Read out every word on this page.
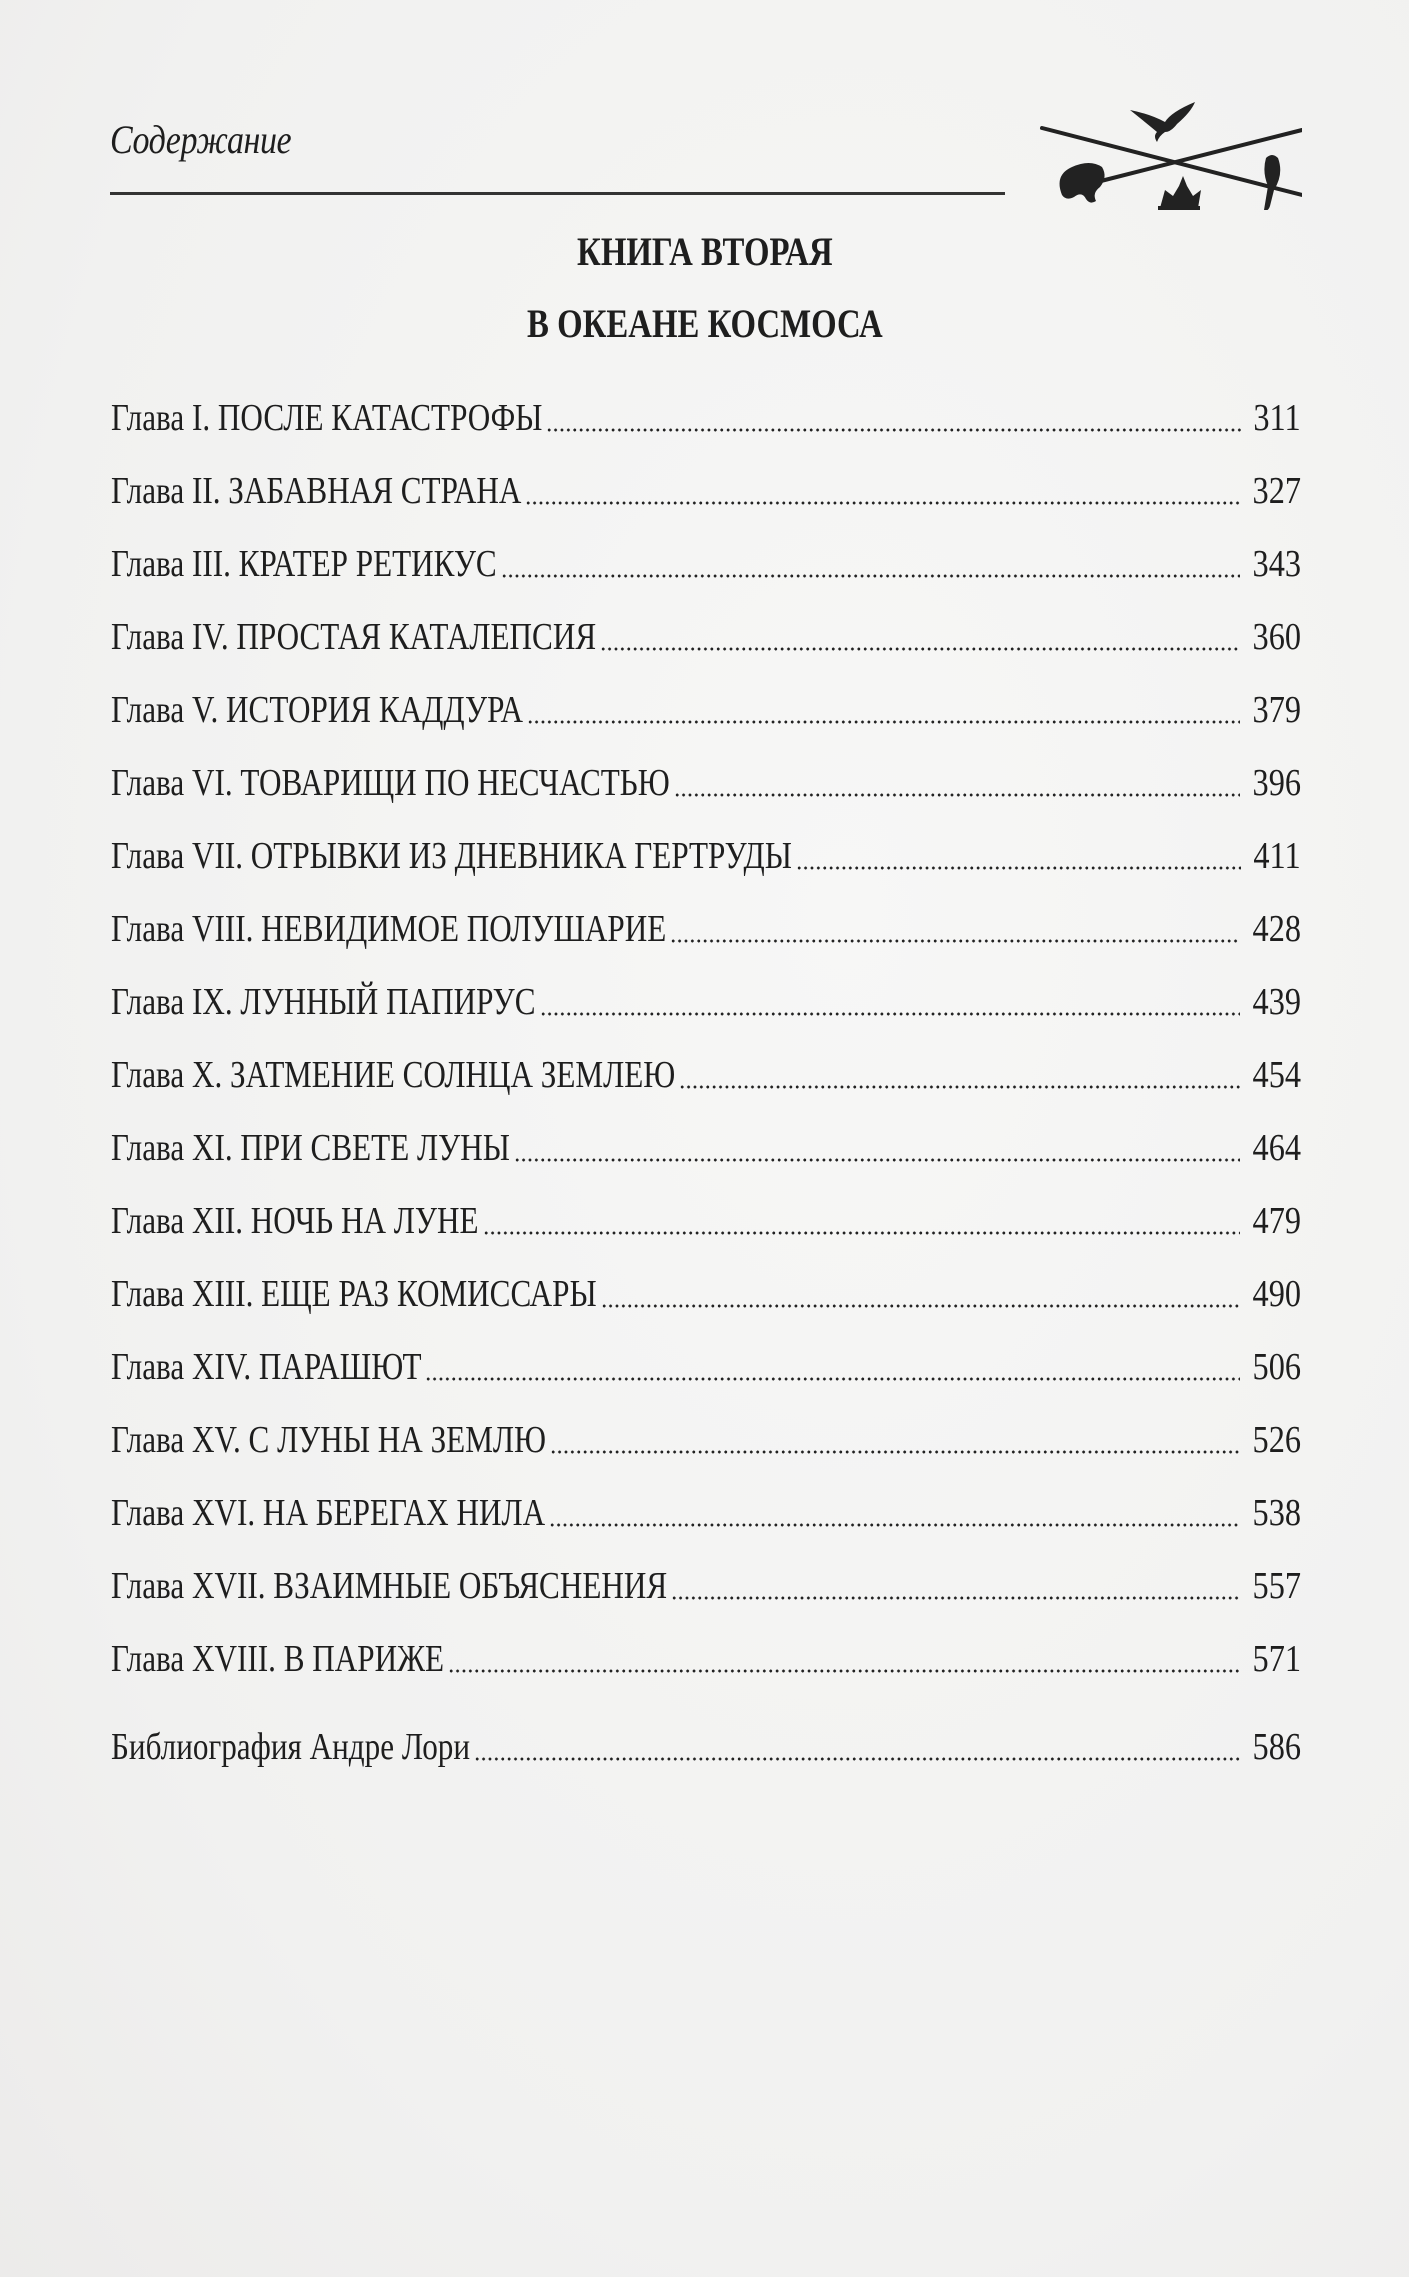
Содержание
КНИГА ВТОРАЯ
В ОКЕАНЕ КОСМОСА
Глава I. ПОСЛЕ КАТАСТРОФЫ	311
Глава II. ЗАБАВНАЯ СТРАНА	327
Глава III. КРАТЕР РЕТИКУС	343
Глава IV. ПРОСТАЯ КАТАЛЕПСИЯ	360
Глава V. ИСТОРИЯ КАДДУРА	379
Глава VI. ТОВАРИЩИ ПО НЕСЧАСТЬЮ	396
Глава VII. ОТРЫВКИ ИЗ ДНЕВНИКА ГЕРТРУДЫ	411
Глава VIII. НЕВИДИМОЕ ПОЛУШАРИЕ	428
Глава IX. ЛУННЫЙ ПАПИРУС	439
Глава X. ЗАТМЕНИЕ СОЛНЦА ЗЕМЛЕЮ	454
Глава XI. ПРИ СВЕТЕ ЛУНЫ	464
Глава XII. НОЧЬ НА ЛУНЕ	479
Глава XIII. ЕЩЕ РАЗ КОМИССАРЫ	490
Глава XIV. ПАРАШЮТ	506
Глава XV. С ЛУНЫ НА ЗЕМЛЮ	526
Глава XVI. НА БЕРЕГАХ НИЛА	538
Глава XVII. ВЗАИМНЫЕ ОБЪЯСНЕНИЯ	557
Глава XVIII. В ПАРИЖЕ	571
Библиография Андре Лори	586
